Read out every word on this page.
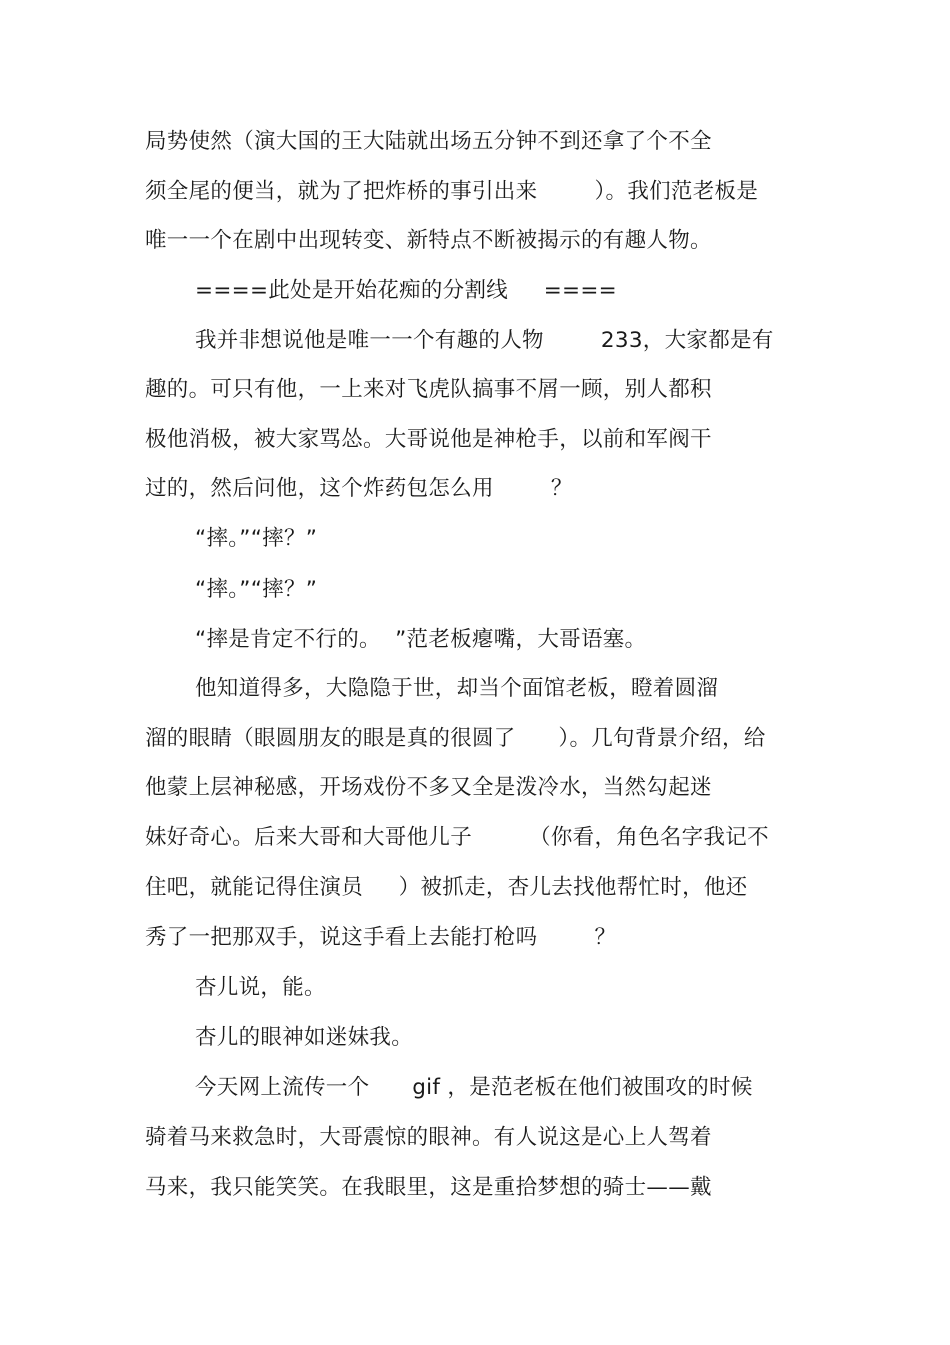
局势使然（演大国的王大陆就出场五分钟不到还拿了个不全
须全尾的便当，就为了把炸桥的事引出来        ）。我们范老板是
唯一一个在剧中出现转变、新特点不断被揭示的有趣人物。
====此处是开始花痴的分割线     ====
我并非想说他是唯一一个有趣的人物        233，大家都是有
趣的。可只有他，一上来对飞虎队搞事不屑一顾，别人都积
极他消极，被大家骂怂。大哥说他是神枪手，以前和军阀干
过的，然后问他，这个炸药包怎么用        ？
“摔。”“摔？”
“摔。”“摔？”
“摔是肯定不行的。  ”范老板瘪嘴，大哥语塞。
他知道得多，大隐隐于世，却当个面馆老板，瞪着圆溜
溜的眼睛（眼圆朋友的眼是真的很圆了      ）。几句背景介绍，给
他蒙上层神秘感，开场戏份不多又全是泼冷水，当然勾起迷
妹好奇心。后来大哥和大哥他儿子        （你看，角色名字我记不
住吧，就能记得住演员     ）被抓走，杏儿去找他帮忙时，他还
秀了一把那双手，说这手看上去能打枪吗        ？
杏儿说，能。
杏儿的眼神如迷妹我。
今天网上流传一个      gif ，是范老板在他们被围攻的时候
骑着马来救急时，大哥震惊的眼神。有人说这是心上人驾着
马来，我只能笑笑。在我眼里，这是重拾梦想的骑士——戴
